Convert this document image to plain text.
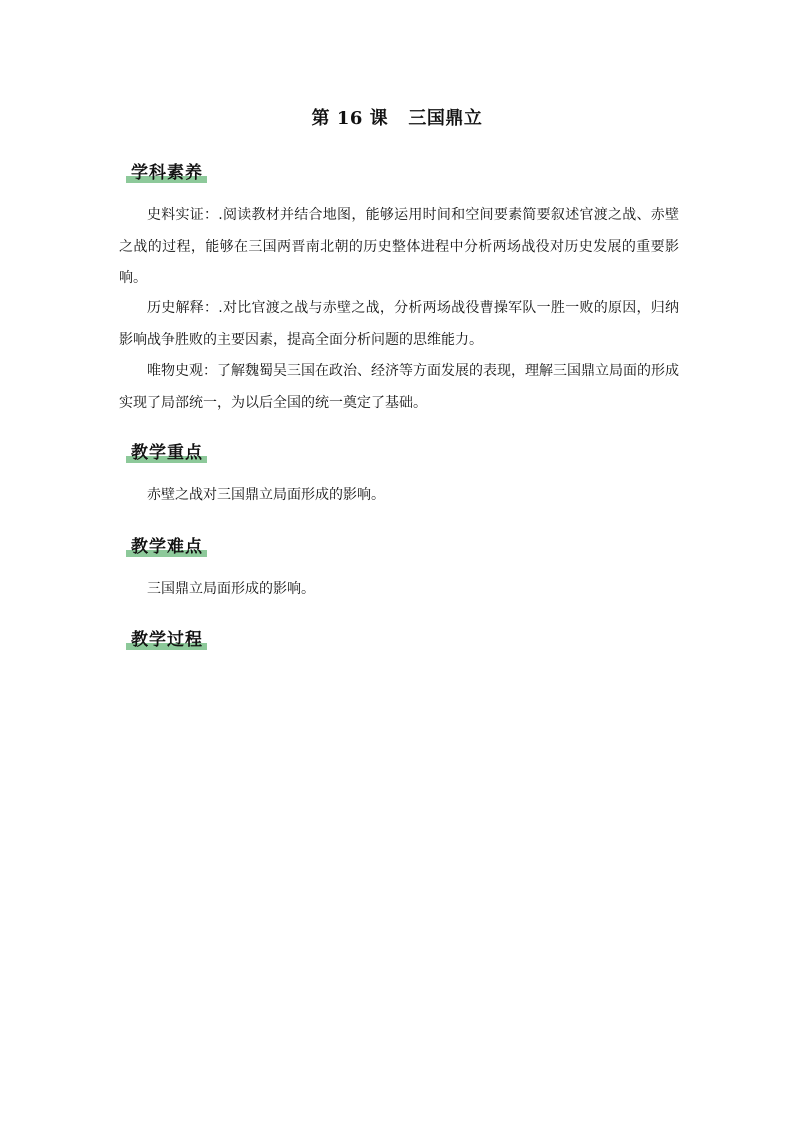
第 16 课   三国鼎立
学科素养
史料实证：.阅读教材并结合地图，能够运用时间和空间要素简要叙述官渡之战、赤壁之战的过程，能够在三国两晋南北朝的历史整体进程中分析两场战役对历史发展的重要影响。
历史解释：.对比官渡之战与赤壁之战，分析两场战役曹操军队一胜一败的原因，归纳影响战争胜败的主要因素，提高全面分析问题的思维能力。
唯物史观：了解魏蜀吴三国在政治、经济等方面发展的表现，理解三国鼎立局面的形成实现了局部统一，为以后全国的统一奠定了基础。
教学重点
赤壁之战对三国鼎立局面形成的影响。
教学难点
三国鼎立局面形成的影响。
教学过程
